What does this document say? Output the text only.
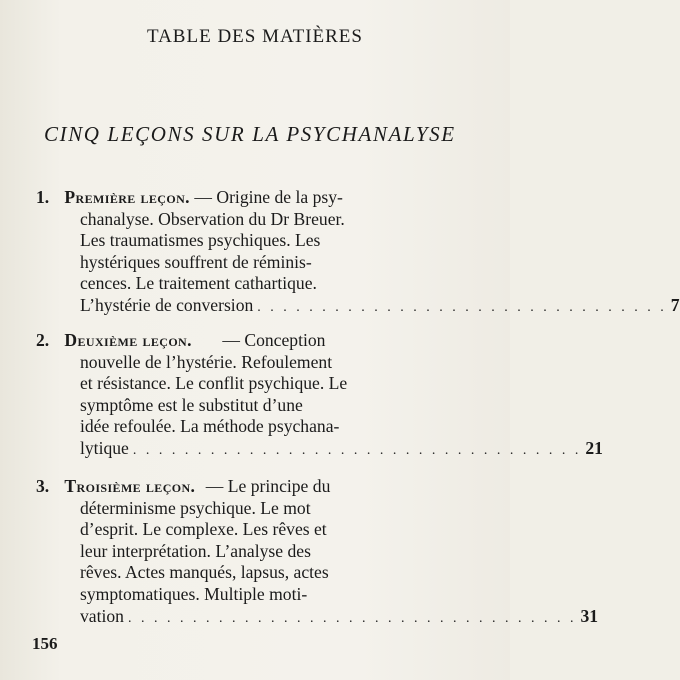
TABLE DES MATIÈRES
CINQ LEÇONS SUR LA PSYCHANALYSE
1. Première leçon. — Origine de la psy-
chanalyse. Observation du Dr Breuer.
Les traumatismes psychiques. Les
hystériques souffrent de réminis-
cences. Le traitement cathartique.
L’hystérie de conversion . . . . . . . . . . . . . . . . . . . . . . . . . . . . . . . . 7
2. Deuxième leçon. — Conception
nouvelle de l’hystérie. Refoulement
et résistance. Le conflit psychique. Le
symptôme est le substitut d’une
idée refoulée. La méthode psychana-
lytique . . . . . . . . . . . . . . . . . . . . . . . . . . . . . . . . . . . 21
3. Troisième leçon. — Le principe du
déterminisme psychique. Le mot
d’esprit. Le complexe. Les rêves et
leur interprétation. L’analyse des
rêves. Actes manqués, lapsus, actes
symptomatiques. Multiple moti-
vation . . . . . . . . . . . . . . . . . . . . . . . . . . . . . . . . . . . 31
156
